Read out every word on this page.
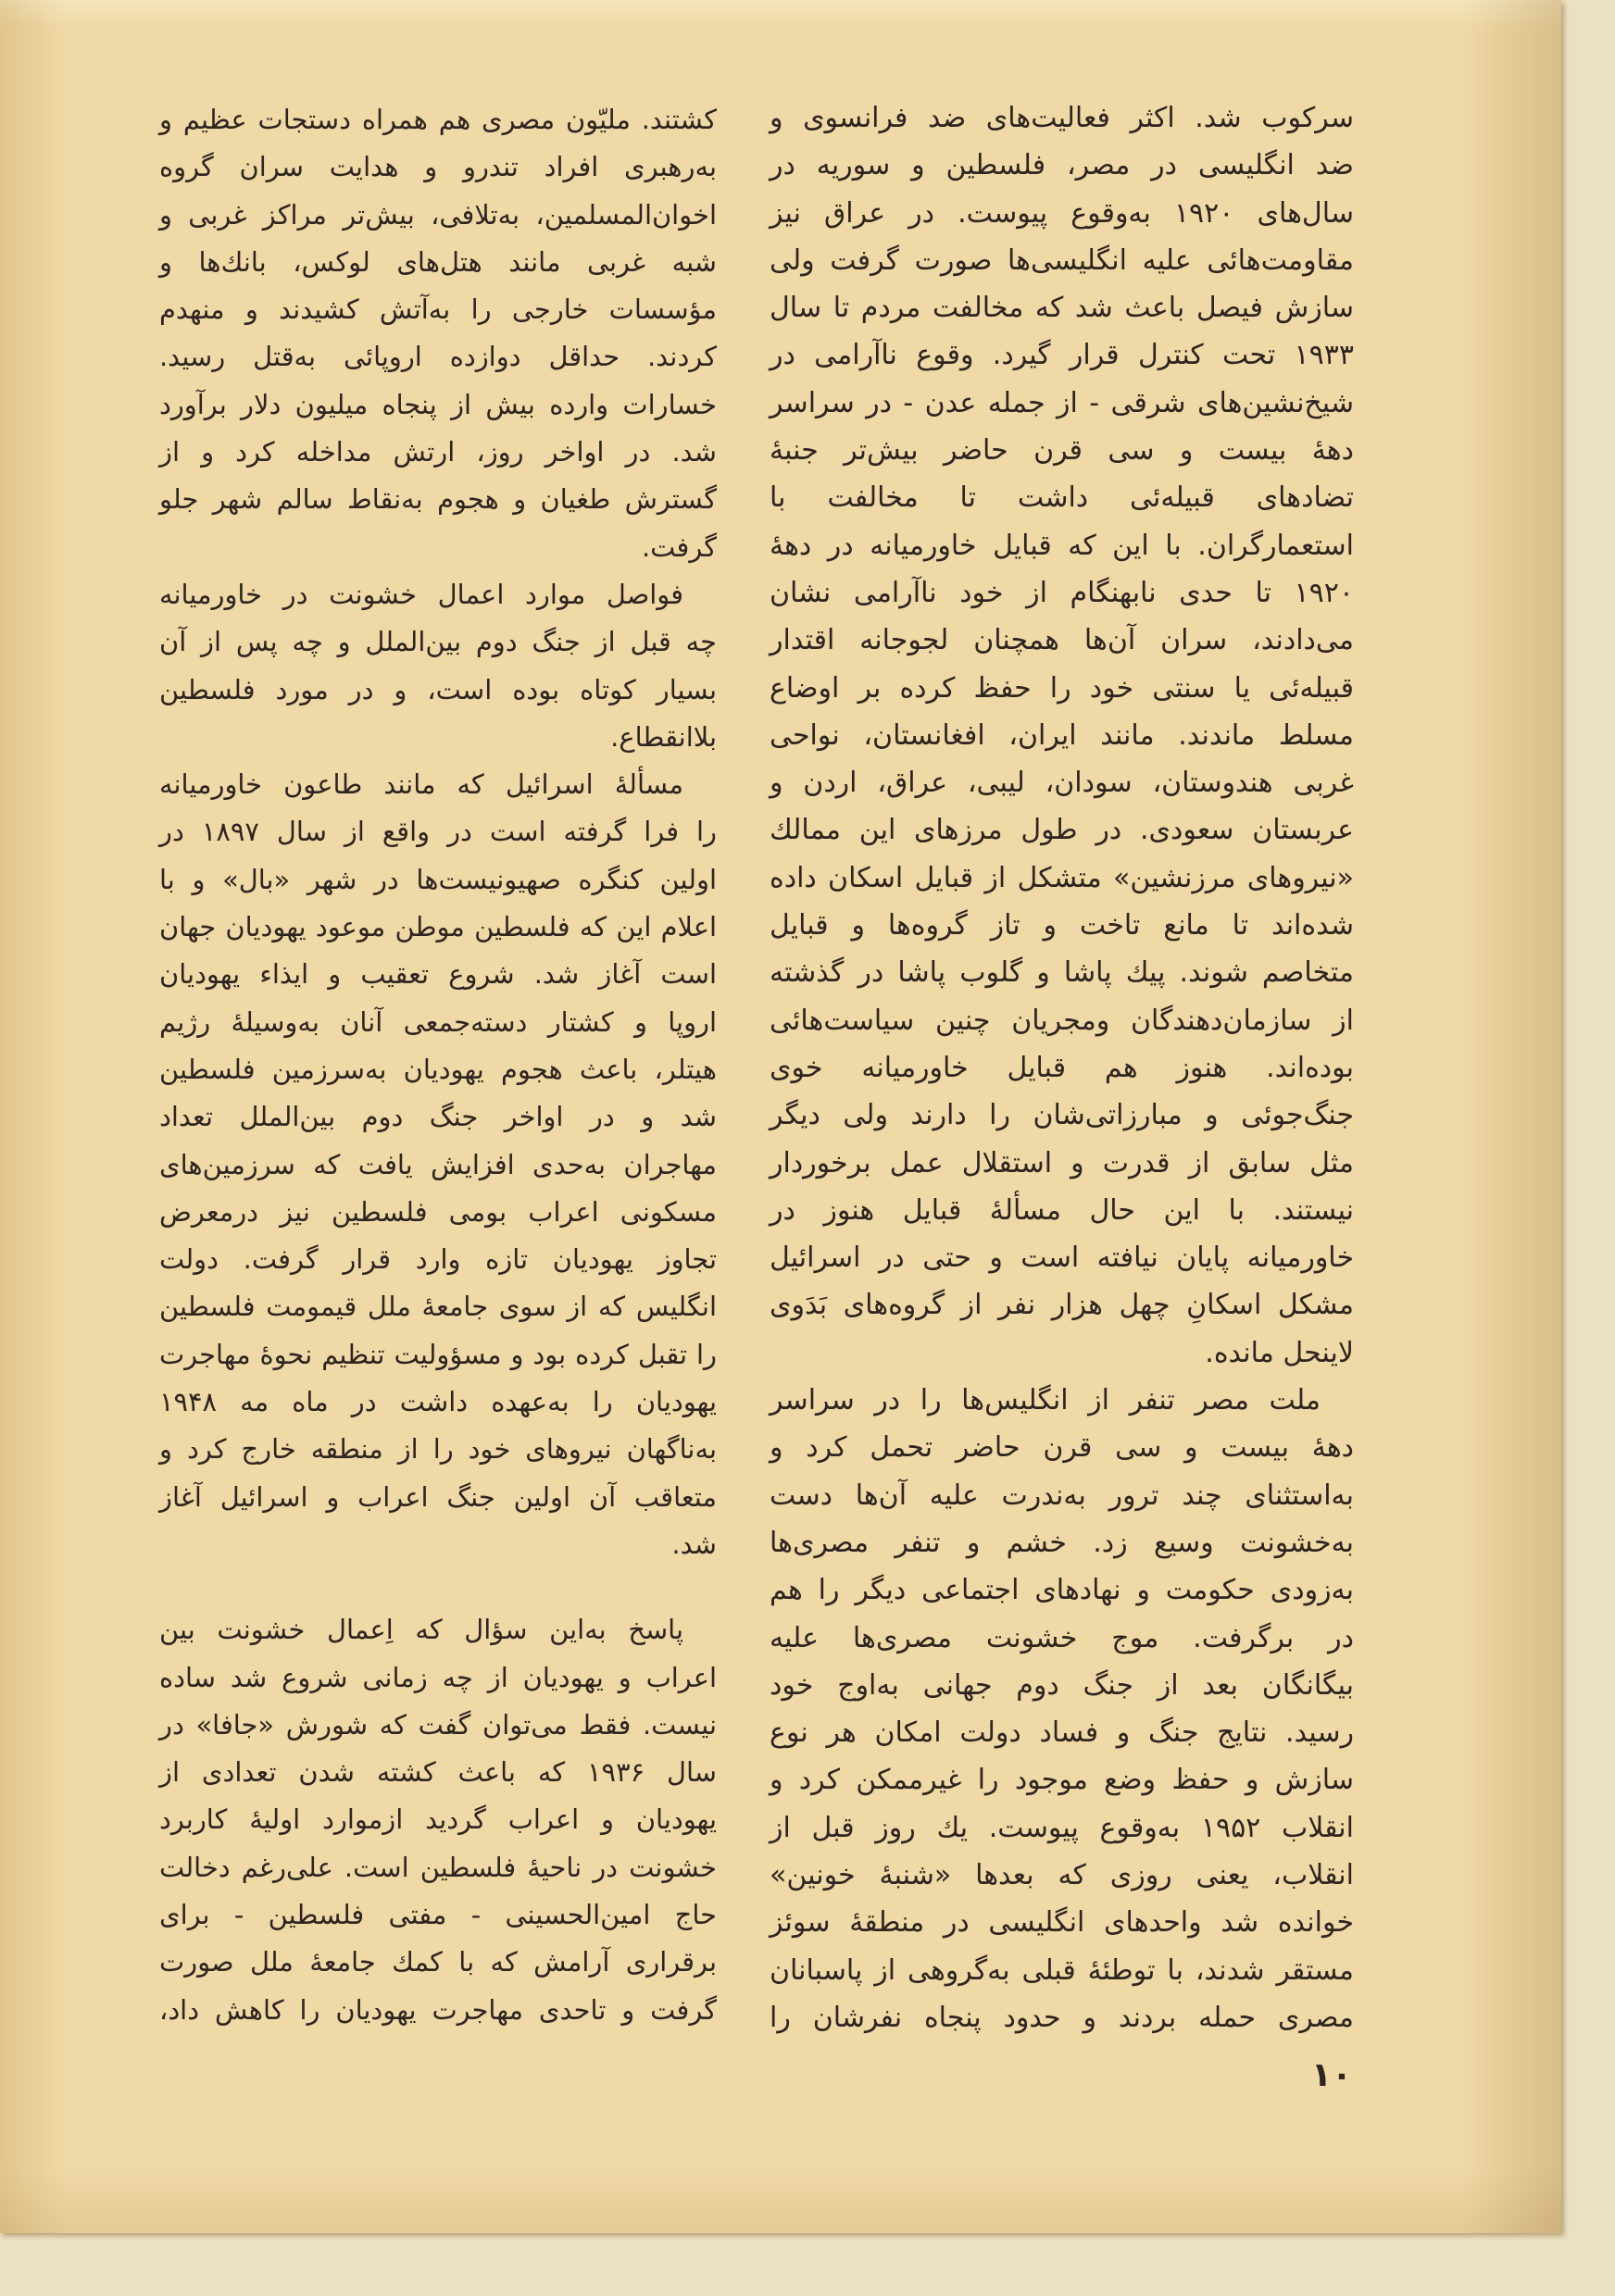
سرکوب شد. اکثر فعالیت‌های ضد فرانسوی و
ضد انگلیسی در مصر، فلسطین و سوریه در
سال‌های ۱۹۲۰ به‌وقوع پیوست. در عراق نیز
مقاومت‌هائی علیه انگلیسی‌ها صورت گرفت ولی
سازش فیصل باعث شد که مخالفت مردم تا سال
۱۹۳۳ تحت کنترل قرار گیرد. وقوع ناآرامی در
شیخ‌نشین‌های شرقی - از جمله عدن - در سراسر
دهۀ بیست و سی قرن حاضر بیش‌تر جنبۀ
تضادهای قبیله‌ئی داشت تا مخالفت با
استعمارگران. با این که قبایل خاورمیانه در دهۀ
۱۹۲۰ تا حدی نابهنگام از خود ناآرامی نشان
می‌دادند، سران آن‌ها همچنان لجوجانه اقتدار
قبیله‌ئی یا سنتی خود را حفظ کرده بر اوضاع
مسلط ماندند. مانند ایران، افغانستان، نواحی
غربی هندوستان، سودان، لیبی، عراق، اردن و
عربستان سعودی. در طول مرزهای این ممالك
«نیروهای مرزنشین» متشکل از قبایل اسکان داده
شده‌اند تا مانع تاخت و تاز گروه‌ها و قبایل
متخاصم شوند. پیك پاشا و گلوب پاشا در گذشته
از سازمان‌دهندگان ومجریان چنین سیاست‌هائی
بوده‌اند. هنوز هم قبایل خاورمیانه خوی
جنگ‌جوئی و مبارزاتی‌شان را دارند ولی دیگر
مثل سابق از قدرت و استقلال عمل برخوردار
نیستند. با این حال مسألۀ قبایل هنوز در
خاورمیانه پایان نیافته است و حتی در اسرائیل
مشکل اسکانِ چهل هزار نفر از گروه‌های بَدَوی
لاینحل مانده.
ملت مصر تنفر از انگلیس‌ها را در سراسر
دهۀ بیست و سی قرن حاضر تحمل کرد و
به‌استثنای چند ترور به‌ندرت علیه آن‌ها دست
به‌خشونت وسیع زد. خشم و تنفر مصری‌ها
به‌زودی حکومت و نهادهای اجتماعی دیگر را هم
در برگرفت. موج خشونت مصری‌ها علیه
بیگانگان بعد از جنگ دوم جهانی به‌اوج خود
رسید. نتایج جنگ و فساد دولت امکان هر نوع
سازش و حفظ وضع موجود را غیرممکن کرد و
انقلاب ۱۹۵۲ به‌وقوع پیوست. یك روز قبل از
انقلاب، یعنی روزی که بعدها «شنبۀ خونین»
خوانده شد واحدهای انگلیسی در منطقۀ سوئز
مستقر شدند، با توطئۀ قبلی به‌گروهی از پاسبانان
مصری حمله بردند و حدود پنجاه نفرشان را
کشتند. ملیّون مصری هم همراه دستجات عظیم و
به‌رهبری افراد تندرو و هدایت سران گروه
اخوان‌المسلمین، به‌تلافی، بیش‌تر مراکز غربی و
شبه غربی مانند هتل‌های لوکس، بانك‌ها و
مؤسسات خارجی را به‌آتش کشیدند و منهدم
کردند. حداقل دوازده اروپائی به‌قتل رسید.
خسارات وارده بیش از پنجاه میلیون دلار برآورد
شد. در اواخر روز، ارتش مداخله کرد و از
گسترش طغیان و هجوم به‌نقاط سالم شهر جلو
گرفت.
فواصل موارد اعمال خشونت در خاورمیانه
چه قبل از جنگ دوم بین‌الملل و چه پس از آن
بسیار کوتاه بوده است، و در مورد فلسطین
بلاانقطاع.
مسألۀ اسرائیل که مانند طاعون خاورمیانه
را فرا گرفته است در واقع از سال ۱۸۹۷ در
اولین کنگره صهیونیست‌ها در شهر «بال» و با
اعلام این که فلسطین موطن موعود یهودیان جهان
است آغاز شد. شروع تعقیب و ایذاء یهودیان
اروپا و کشتار دسته‌جمعی آنان به‌وسیلۀ رژیم
هیتلر، باعث هجوم یهودیان به‌سرزمین فلسطین
شد و در اواخر جنگ دوم بین‌الملل تعداد
مهاجران به‌حدی افزایش یافت که سرزمین‌های
مسکونی اعراب بومی فلسطین نیز درمعرض
تجاوز یهودیان تازه وارد قرار گرفت. دولت
انگلیس که از سوی جامعۀ ملل قیمومت فلسطین
را تقبل کرده بود و مسؤولیت تنظیم نحوۀ مهاجرت
یهودیان را به‌عهده داشت در ماه مه ۱۹۴۸
به‌ناگهان نیروهای خود را از منطقه خارج کرد و
متعاقب آن اولین جنگ اعراب و اسرائیل آغاز
شد.
پاسخ به‌این سؤال که اِعمال خشونت بین
اعراب و یهودیان از چه زمانی شروع شد ساده
نیست. فقط می‌توان گفت که شورش «جافا» در
سال ۱۹۳۶ که باعث کشته شدن تعدادی از
یهودیان و اعراب گردید ازموارد اولیۀ کاربرد
خشونت در ناحیۀ فلسطین است. علی‌رغم دخالت
حاج امین‌الحسینی - مفتی فلسطین - برای
برقراری آرامش که با کمك جامعۀ ملل صورت
گرفت و تاحدی مهاجرت یهودیان را کاهش داد،
۱۰
